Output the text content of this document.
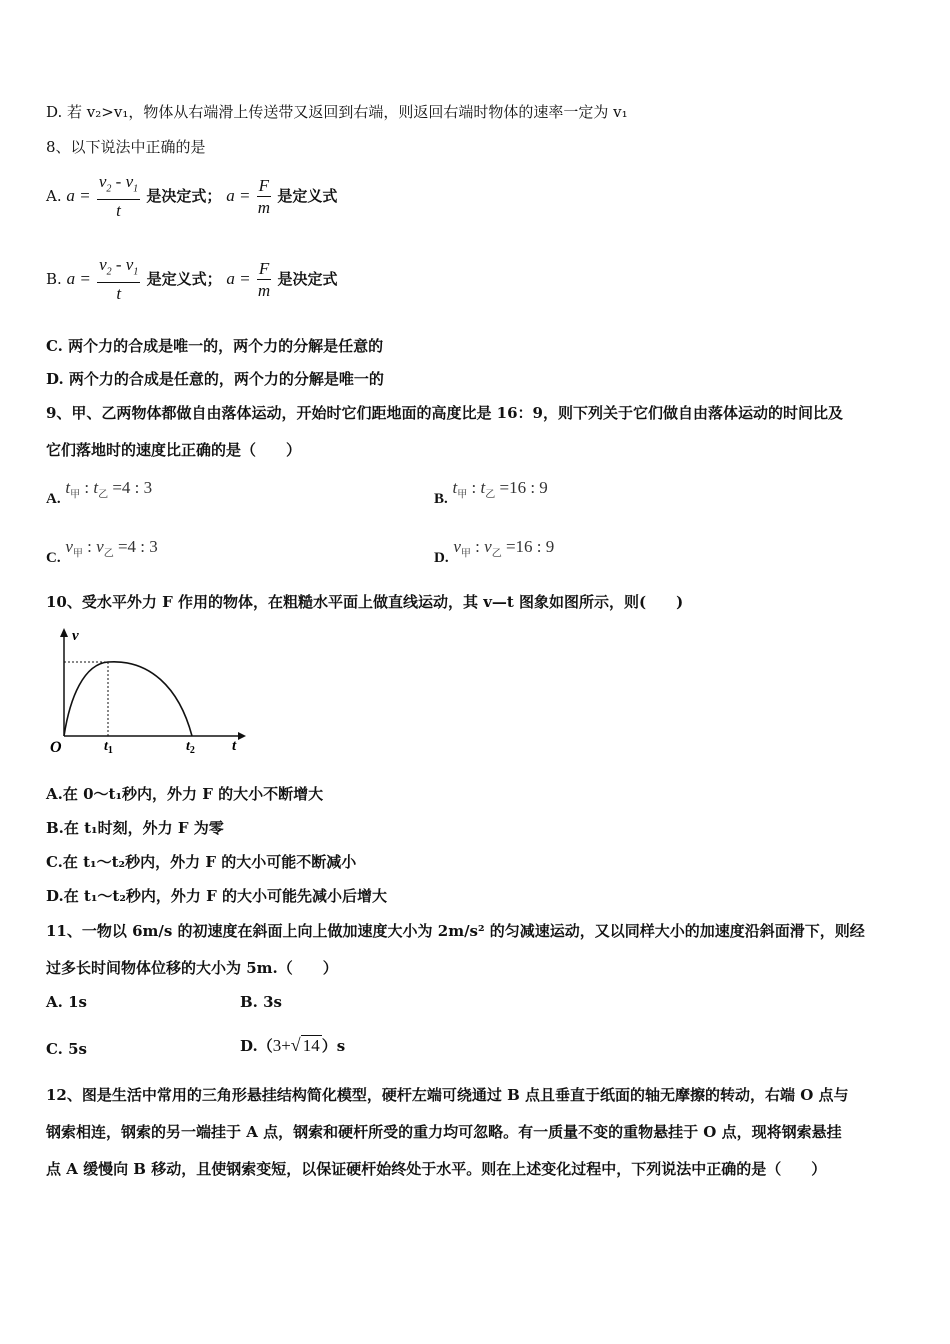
D. 若 v₂>v₁，物体从右端滑上传送带又返回到右端，则返回右端时物体的速率一定为 v₁
8、以下说法中正确的是
A. $a = \frac{v_2 - v_1}{t}$ 是决定式； $a = \frac{F}{m}$ 是定义式
B. $a = \frac{v_2 - v_1}{t}$ 是定义式； $a = \frac{F}{m}$ 是决定式
C. 两个力的合成是唯一的，两个力的分解是任意的
D. 两个力的合成是任意的，两个力的分解是唯一的
9、甲、乙两物体都做自由落体运动，开始时它们距地面的高度比是 16：9，则下列关于它们做自由落体运动的时间比及
它们落地时的速度比正确的是（　　）
A. $t_甲$ : $t_乙 =4$ : 3
B. $t_甲$ : $t_乙 =16$ : 9
C. $v_甲$ : $v_乙 =4$ : 3
D. $v_甲$ : $v_乙 =16$ : 9
10、受水平外力 F 作用的物体，在粗糙水平面上做直线运动，其 v—t 图象如图所示，则(　　)
v
O	$t_1$	$t_2$ t
A.在 0～t₁秒内，外力 F 的大小不断增大
B.在 t₁时刻，外力 F 为零
C.在 t₁～t₂秒内，外力 F 的大小可能不断减小
D.在 t₁～t₂秒内，外力 F 的大小可能先减小后增大
11、一物以 6m/s 的初速度在斜面上向上做加速度大小为 2m/s² 的匀减速运动，又以同样大小的加速度沿斜面滑下，则经
过多长时间物体位移的大小为 5m.（　　）
A. 1s	B. 3s
C. 5s	D.（3+√ 14 ）s
12、图是生活中常用的三角形悬挂结构简化模型，硬杆左端可绕通过 B 点且垂直于纸面的轴无摩擦的转动，右端 O 点与
钢索相连，钢索的另一端挂于 A 点，钢索和硬杆所受的重力均可忽略。有一质量不变的重物悬挂于 O 点，现将钢索悬挂
点 A 缓慢向 B 移动，且使钢索变短，以保证硬杆始终处于水平。则在上述变化过程中，下列说法中正确的是（　　）
